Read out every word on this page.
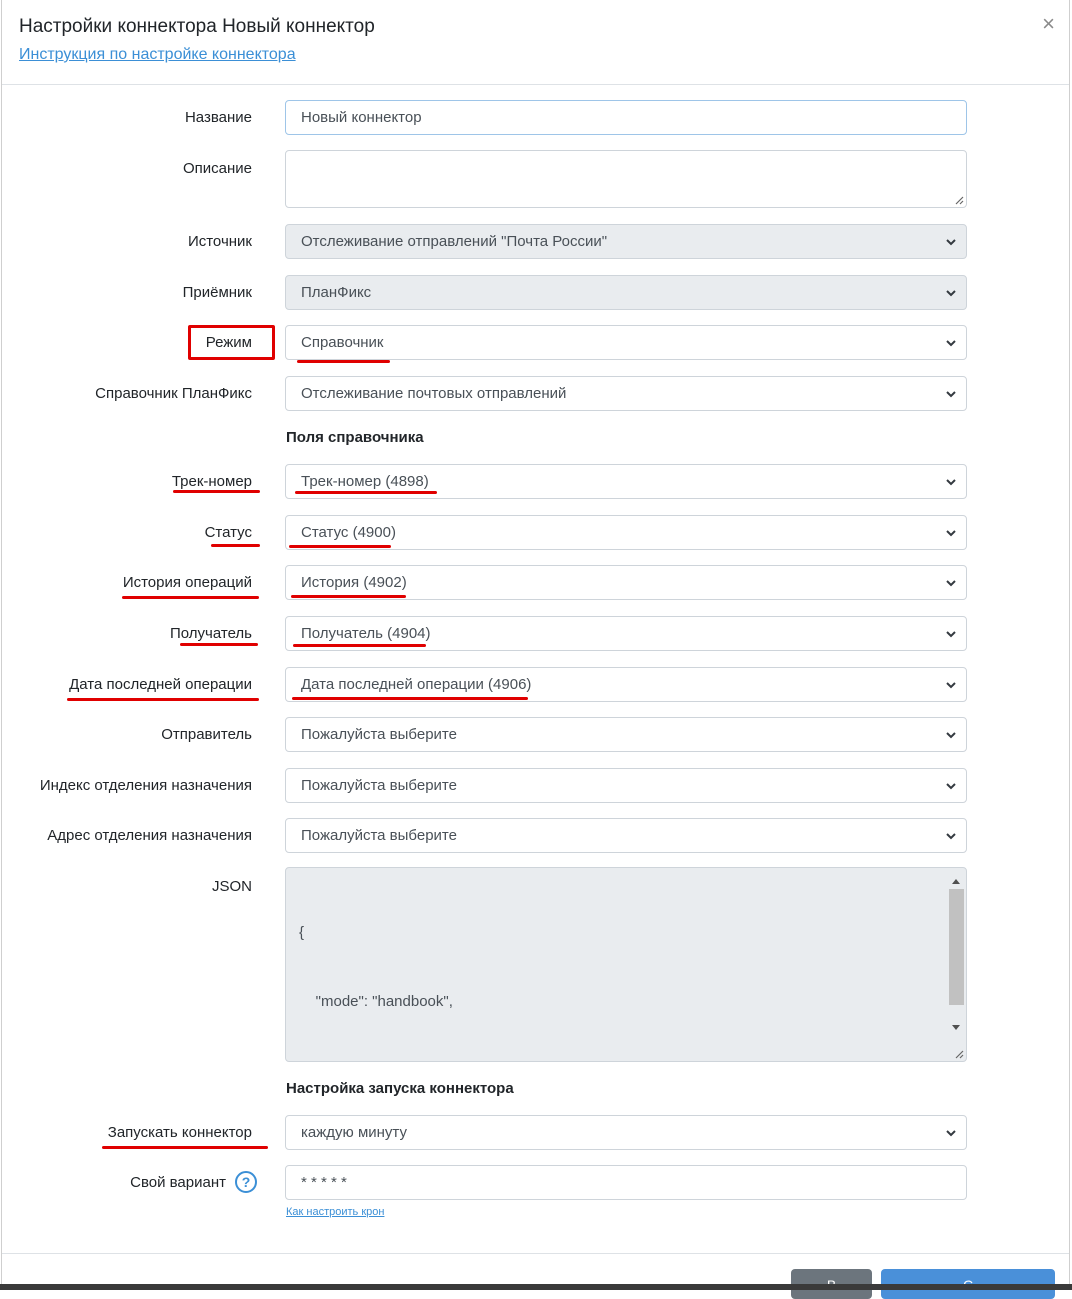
Настройки коннектора Новый коннектор
Инструкция по настройке коннектора
×
Название	Новый коннектор
Описание
Источник	Отслеживание отправлений "Почта России"
Приёмник	ПланФикс
Режим	Справочник
Справочник ПланФикс	Отслеживание почтовых отправлений
Поля справочника
Трек-номер	Трек-номер (4898)
Статус	Статус (4900)
История операций	История (4902)
Получатель	Получатель (4904)
Дата последней операции	Дата последней операции (4906)
Отправитель	Пожалуйста выберите
Индекс отделения назначения	Пожалуйста выберите
Адрес отделения назначения	Пожалуйста выберите
JSON

{

"mode": "handbook",

Настройка запуска коннектора
Запускать коннектор	каждую минуту
Свой вариант	?	* * * * *
Как настроить крон
